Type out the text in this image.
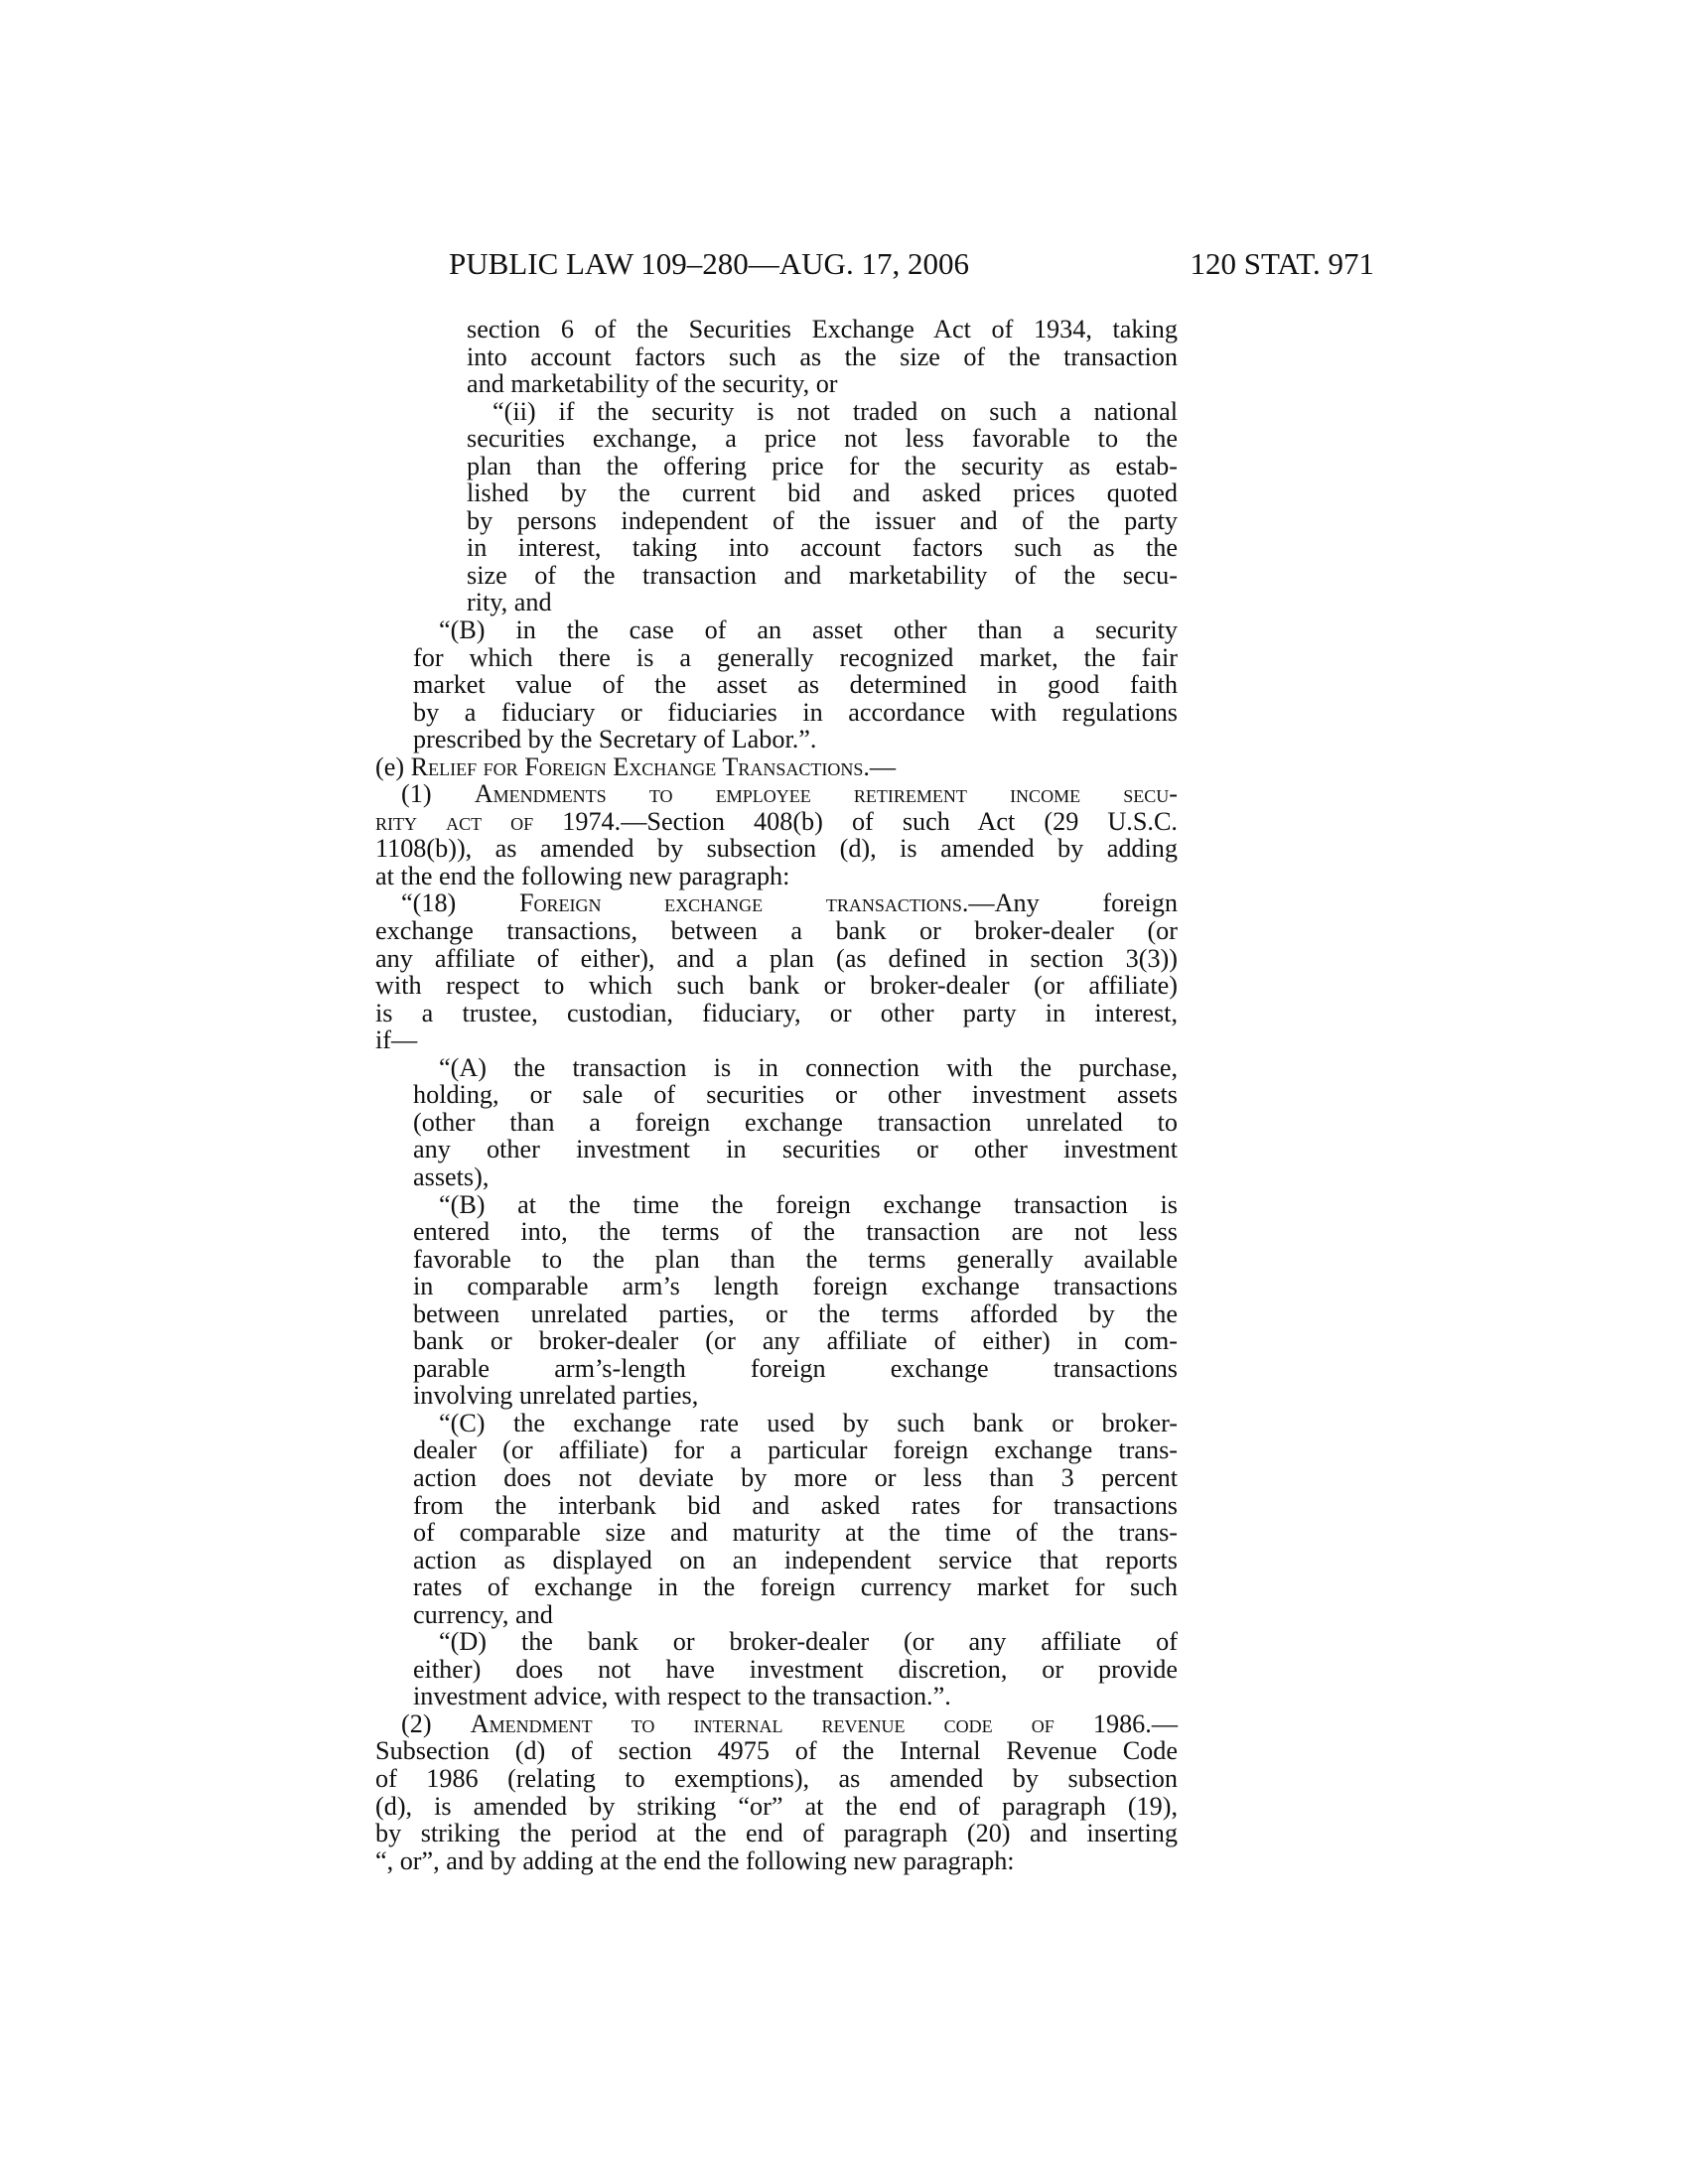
PUBLIC LAW 109–280—AUG. 17, 2006	120 STAT. 971
section 6 of the Securities Exchange Act of 1934, taking
into account factors such as the size of the transaction
and marketability of the security, or
“(ii) if the security is not traded on such a national
securities exchange, a price not less favorable to the
plan than the offering price for the security as estab-
lished by the current bid and asked prices quoted
by persons independent of the issuer and of the party
in interest, taking into account factors such as the
size of the transaction and marketability of the secu-
rity, and
“(B) in the case of an asset other than a security
for which there is a generally recognized market, the fair
market value of the asset as determined in good faith
by a fiduciary or fiduciaries in accordance with regulations
prescribed by the Secretary of Labor.”.
(e) Relief for Foreign Exchange Transactions.—
(1) Amendments to employee retirement income secu-
rity act of 1974.—Section 408(b) of such Act (29 U.S.C.
1108(b)), as amended by subsection (d), is amended by adding
at the end the following new paragraph:
“(18) Foreign exchange transactions.—Any foreign
exchange transactions, between a bank or broker-dealer (or
any affiliate of either), and a plan (as defined in section 3(3))
with respect to which such bank or broker-dealer (or affiliate)
is a trustee, custodian, fiduciary, or other party in interest,
if—
“(A) the transaction is in connection with the purchase,
holding, or sale of securities or other investment assets
(other than a foreign exchange transaction unrelated to
any other investment in securities or other investment
assets),
“(B) at the time the foreign exchange transaction is
entered into, the terms of the transaction are not less
favorable to the plan than the terms generally available
in comparable arm’s length foreign exchange transactions
between unrelated parties, or the terms afforded by the
bank or broker-dealer (or any affiliate of either) in com-
parable arm’s-length foreign exchange transactions
involving unrelated parties,
“(C) the exchange rate used by such bank or broker-
dealer (or affiliate) for a particular foreign exchange trans-
action does not deviate by more or less than 3 percent
from the interbank bid and asked rates for transactions
of comparable size and maturity at the time of the trans-
action as displayed on an independent service that reports
rates of exchange in the foreign currency market for such
currency, and
“(D) the bank or broker-dealer (or any affiliate of
either) does not have investment discretion, or provide
investment advice, with respect to the transaction.”.
(2) Amendment to internal revenue code of 1986.—
Subsection (d) of section 4975 of the Internal Revenue Code
of 1986 (relating to exemptions), as amended by subsection
(d), is amended by striking “or” at the end of paragraph (19),
by striking the period at the end of paragraph (20) and inserting
“, or”, and by adding at the end the following new paragraph:
